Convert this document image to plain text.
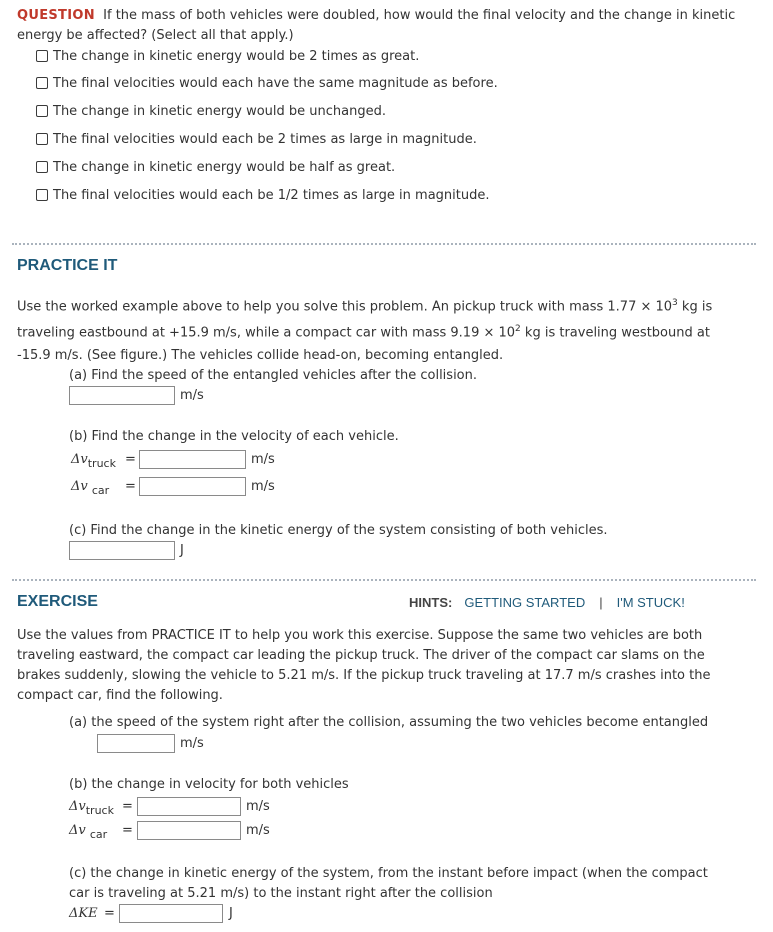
QUESTION If the mass of both vehicles were doubled, how would the final velocity and the change in kinetic energy be affected? (Select all that apply.)
The change in kinetic energy would be 2 times as great.
The final velocities would each have the same magnitude as before.
The change in kinetic energy would be unchanged.
The final velocities would each be 2 times as large in magnitude.
The change in kinetic energy would be half as great.
The final velocities would each be 1/2 times as large in magnitude.
PRACTICE IT
Use the worked example above to help you solve this problem. An pickup truck with mass $1.77 \times 10^3$ kg is traveling eastbound at +15.9 m/s, while a compact car with mass $9.19 \times 10^2$ kg is traveling westbound at -15.9 m/s. (See figure.) The vehicles collide head-on, becoming entangled.
(a) Find the speed of the entangled vehicles after the collision.
m/s
(b) Find the change in the velocity of each vehicle.
$\Delta v_{truck}$ =	m/s
Δv $_{car}$ =	m/s
(c) Find the change in the kinetic energy of the system consisting of both vehicles.
J
EXERCISE	HINTS: GETTING STARTED | I'M STUCK!
Use the values from PRACTICE IT to help you work this exercise. Suppose the same two vehicles are both traveling eastward, the compact car leading the pickup truck. The driver of the compact car slams on the brakes suddenly, slowing the vehicle to 5.21 m/s. If the pickup truck traveling at 17.7 m/s crashes into the compact car, find the following.
(a) the speed of the system right after the collision, assuming the two vehicles become entangled
m/s
(b) the change in velocity for both vehicles
$\Delta v_{truck}$ =	m/s
Δv $_{car}$ =	m/s
(c) the change in kinetic energy of the system, from the instant before impact (when the compact car is traveling at 5.21 m/s) to the instant right after the collision
ΔKE =	J
